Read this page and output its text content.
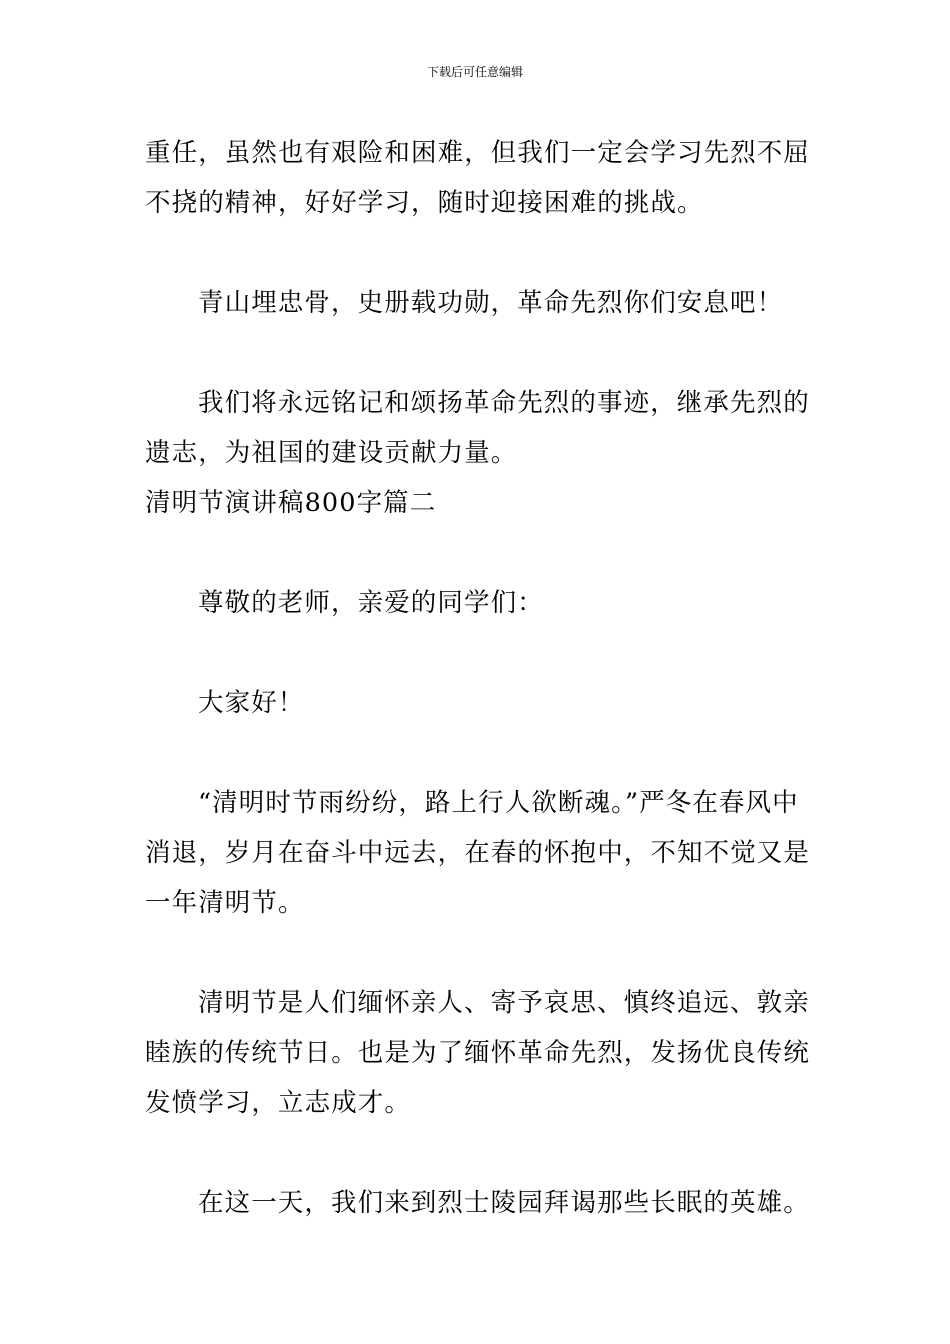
下载后可任意编辑

重任，虽然也有艰险和困难，但我们一定会学习先烈不屈不挠的精神，好好学习，随时迎接困难的挑战。

青山埋忠骨，史册载功勋，革命先烈你们安息吧！

我们将永远铭记和颂扬革命先烈的事迹，继承先烈的遗志，为祖国的建设贡献力量。

清明节演讲稿800字篇二

尊敬的老师，亲爱的同学们：

大家好！

“清明时节雨纷纷，路上行人欲断魂。”严冬在春风中消退，岁月在奋斗中远去，在春的怀抱中，不知不觉又是一年清明节。

清明节是人们缅怀亲人、寄予哀思、慎终追远、敦亲睦族的传统节日。也是为了缅怀革命先烈，发扬优良传统发愤学习，立志成才。

在这一天，我们来到烈士陵园拜谒那些长眠的英雄。
